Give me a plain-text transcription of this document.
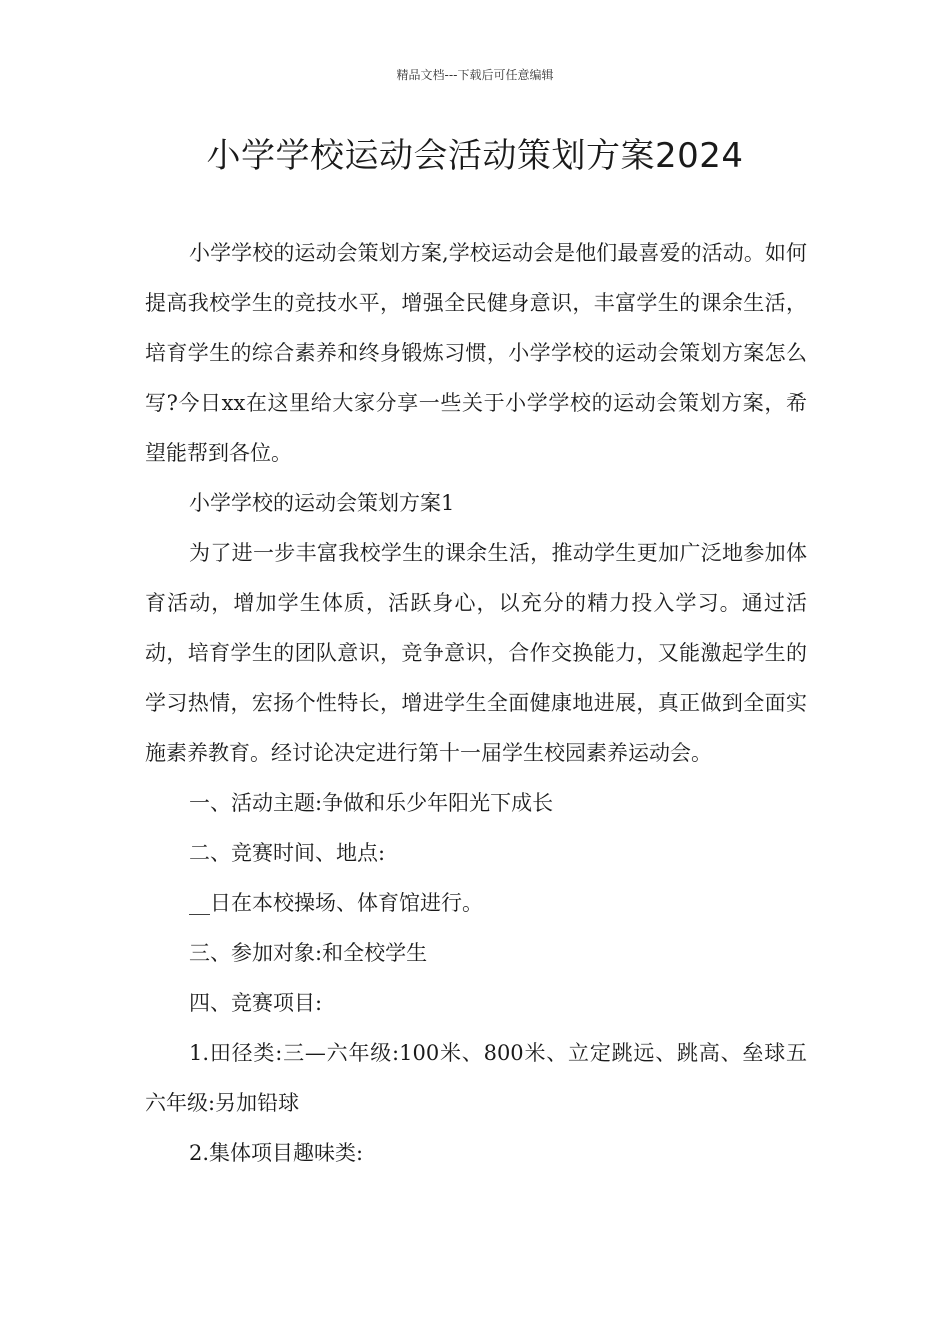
精品文档---下载后可任意编辑
小学学校运动会活动策划方案2024

小学学校的运动会策划方案,学校运动会是他们最喜爱的活动。如何提高我校学生的竞技水平，增强全民健身意识，丰富学生的课余生活，培育学生的综合素养和终身锻炼习惯，小学学校的运动会策划方案怎么写?今日xx在这里给大家分享一些关于小学学校的运动会策划方案，希望能帮到各位。

小学学校的运动会策划方案1

为了进一步丰富我校学生的课余生活，推动学生更加广泛地参加体育活动，增加学生体质，活跃身心，以充分的精力投入学习。通过活动，培育学生的团队意识，竞争意识，合作交换能力，又能激起学生的学习热情，宏扬个性特长，增进学生全面健康地进展，真正做到全面实施素养教育。经讨论决定进行第十一届学生校园素养运动会。

一、活动主题:争做和乐少年阳光下成长

二、竞赛时间、地点:

__日在本校操场、体育馆进行。

三、参加对象:和全校学生

四、竞赛项目:

1.田径类:三—六年级:100米、800米、立定跳远、跳高、垒球五六年级:另加铅球

2.集体项目趣味类:
